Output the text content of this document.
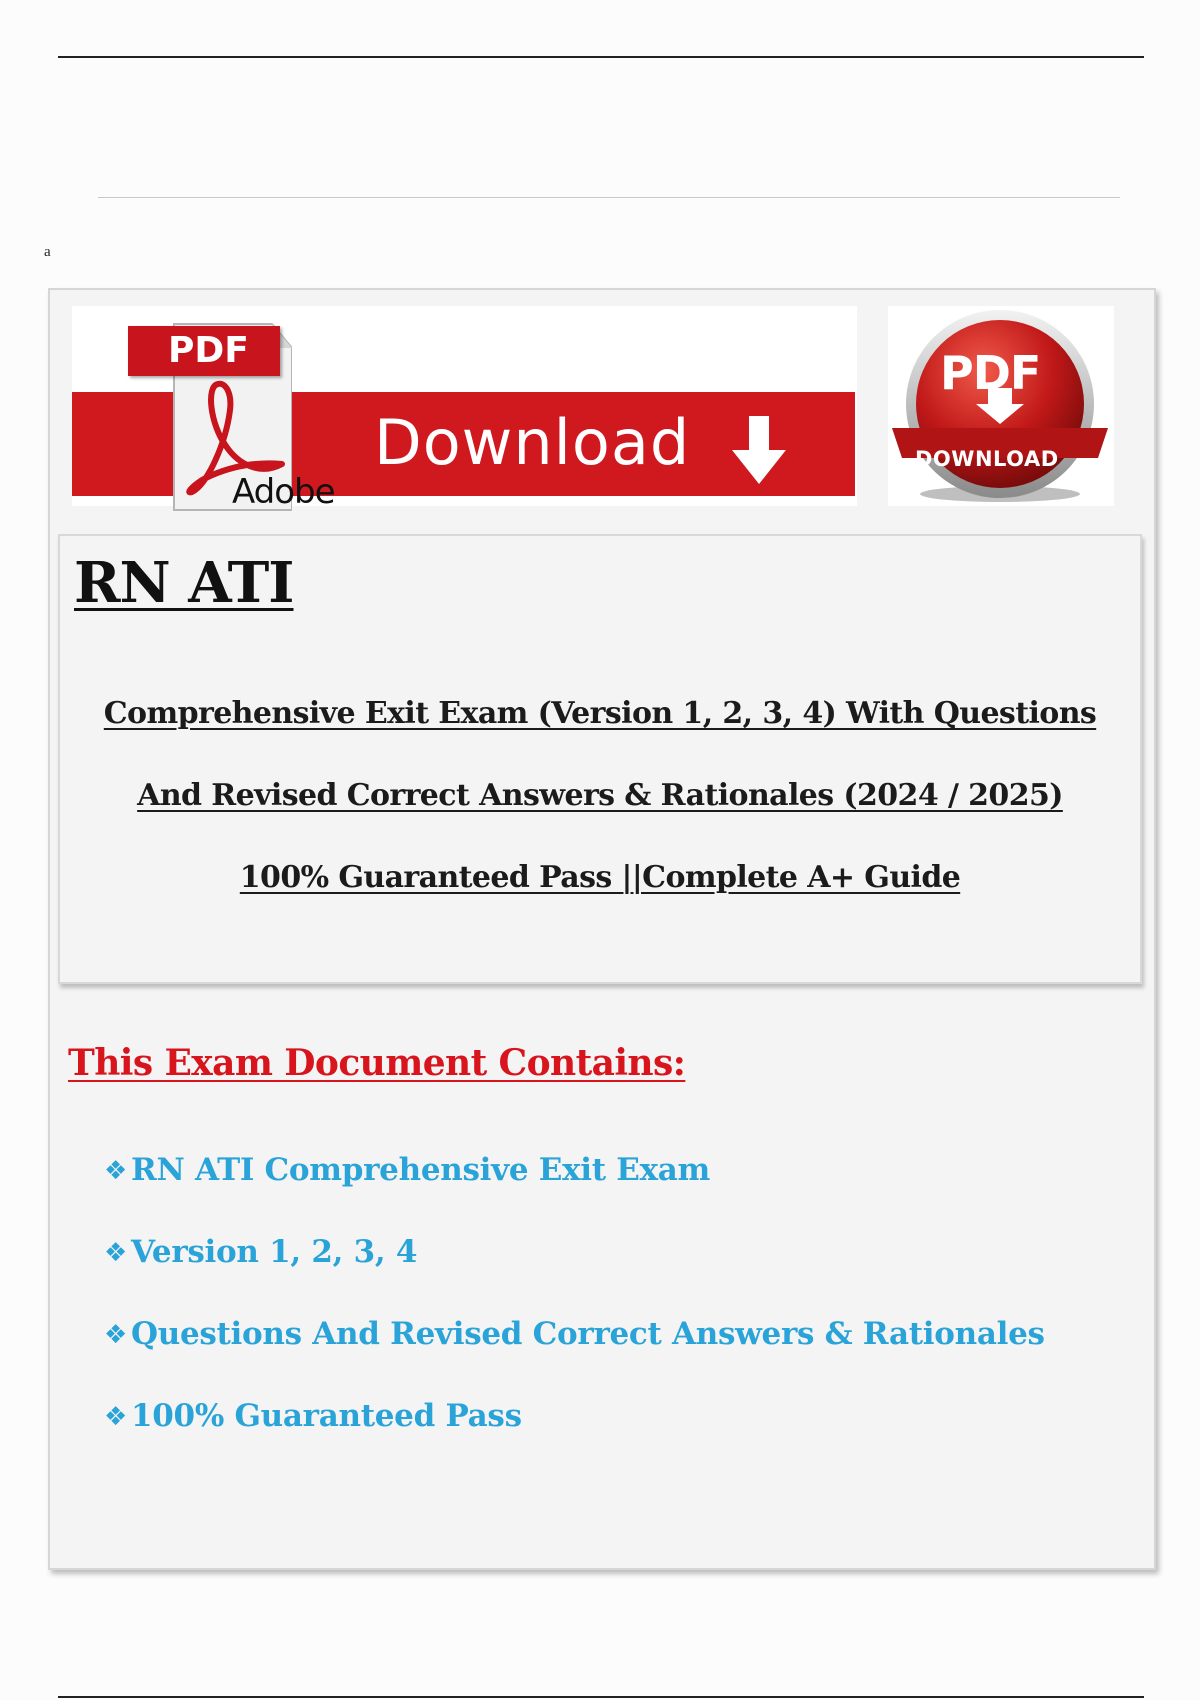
a
Download
PDF
Adobe
PDF
DOWNLOAD
RN ATI
Comprehensive Exit Exam (Version 1, 2, 3, 4) With Questions
And Revised Correct Answers & Rationales (2024 / 2025)
100% Guaranteed Pass ||Complete A+ Guide
This Exam Document Contains:
❖ RN ATI Comprehensive Exit Exam
❖ Version 1, 2, 3, 4
❖ Questions And Revised Correct Answers & Rationales
❖ 100% Guaranteed Pass
